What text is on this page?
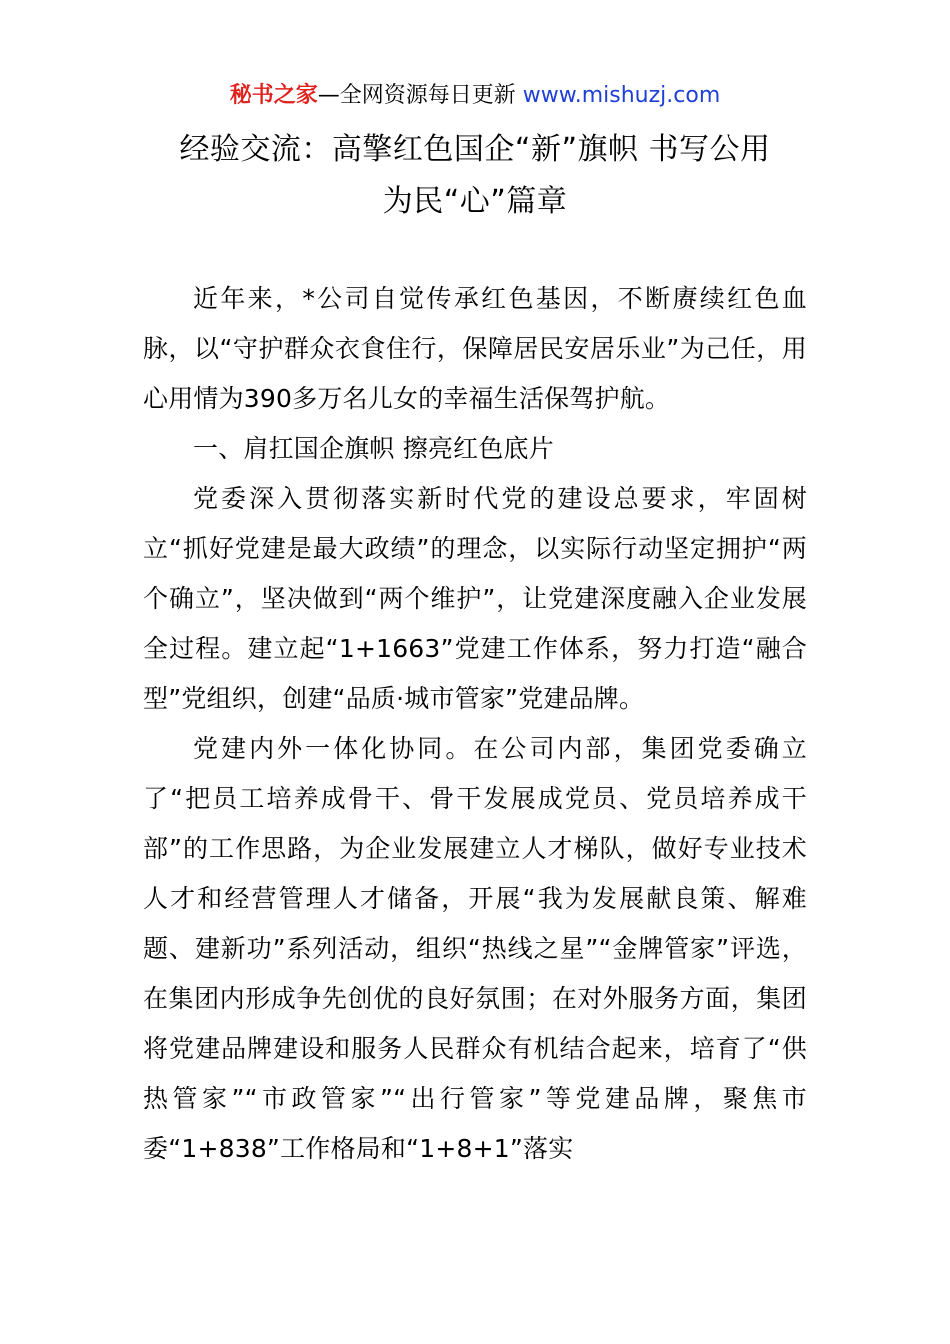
秘书之家—全网资源每日更新 www.mishuzj.com
经验交流：高擎红色国企“新”旗帜 书写公用
为民“心”篇章

近年来，*公司自觉传承红色基因，不断赓续红色血脉，以“守护群众衣食住行，保障居民安居乐业”为己任，用心用情为390多万名儿女的幸福生活保驾护航。

一、肩扛国企旗帜 擦亮红色底片

党委深入贯彻落实新时代党的建设总要求，牢固树立“抓好党建是最大政绩”的理念，以实际行动坚定拥护“两个确立”，坚决做到“两个维护”，让党建深度融入企业发展全过程。建立起“1+1663”党建工作体系，努力打造“融合型”党组织，创建“品质·城市管家”党建品牌。

党建内外一体化协同。在公司内部，集团党委确立了“把员工培养成骨干、骨干发展成党员、党员培养成干部”的工作思路，为企业发展建立人才梯队，做好专业技术人才和经营管理人才储备，开展“我为发展献良策、解难题、建新功”系列活动，组织“热线之星”“金牌管家”评选，在集团内形成争先创优的良好氛围；在对外服务方面，集团将党建品牌建设和服务人民群众有机结合起来，培育了“供热管家”“市政管家”“出行管家”等党建品牌，聚焦市委“1+838”工作格局和“1+8+1”落实
